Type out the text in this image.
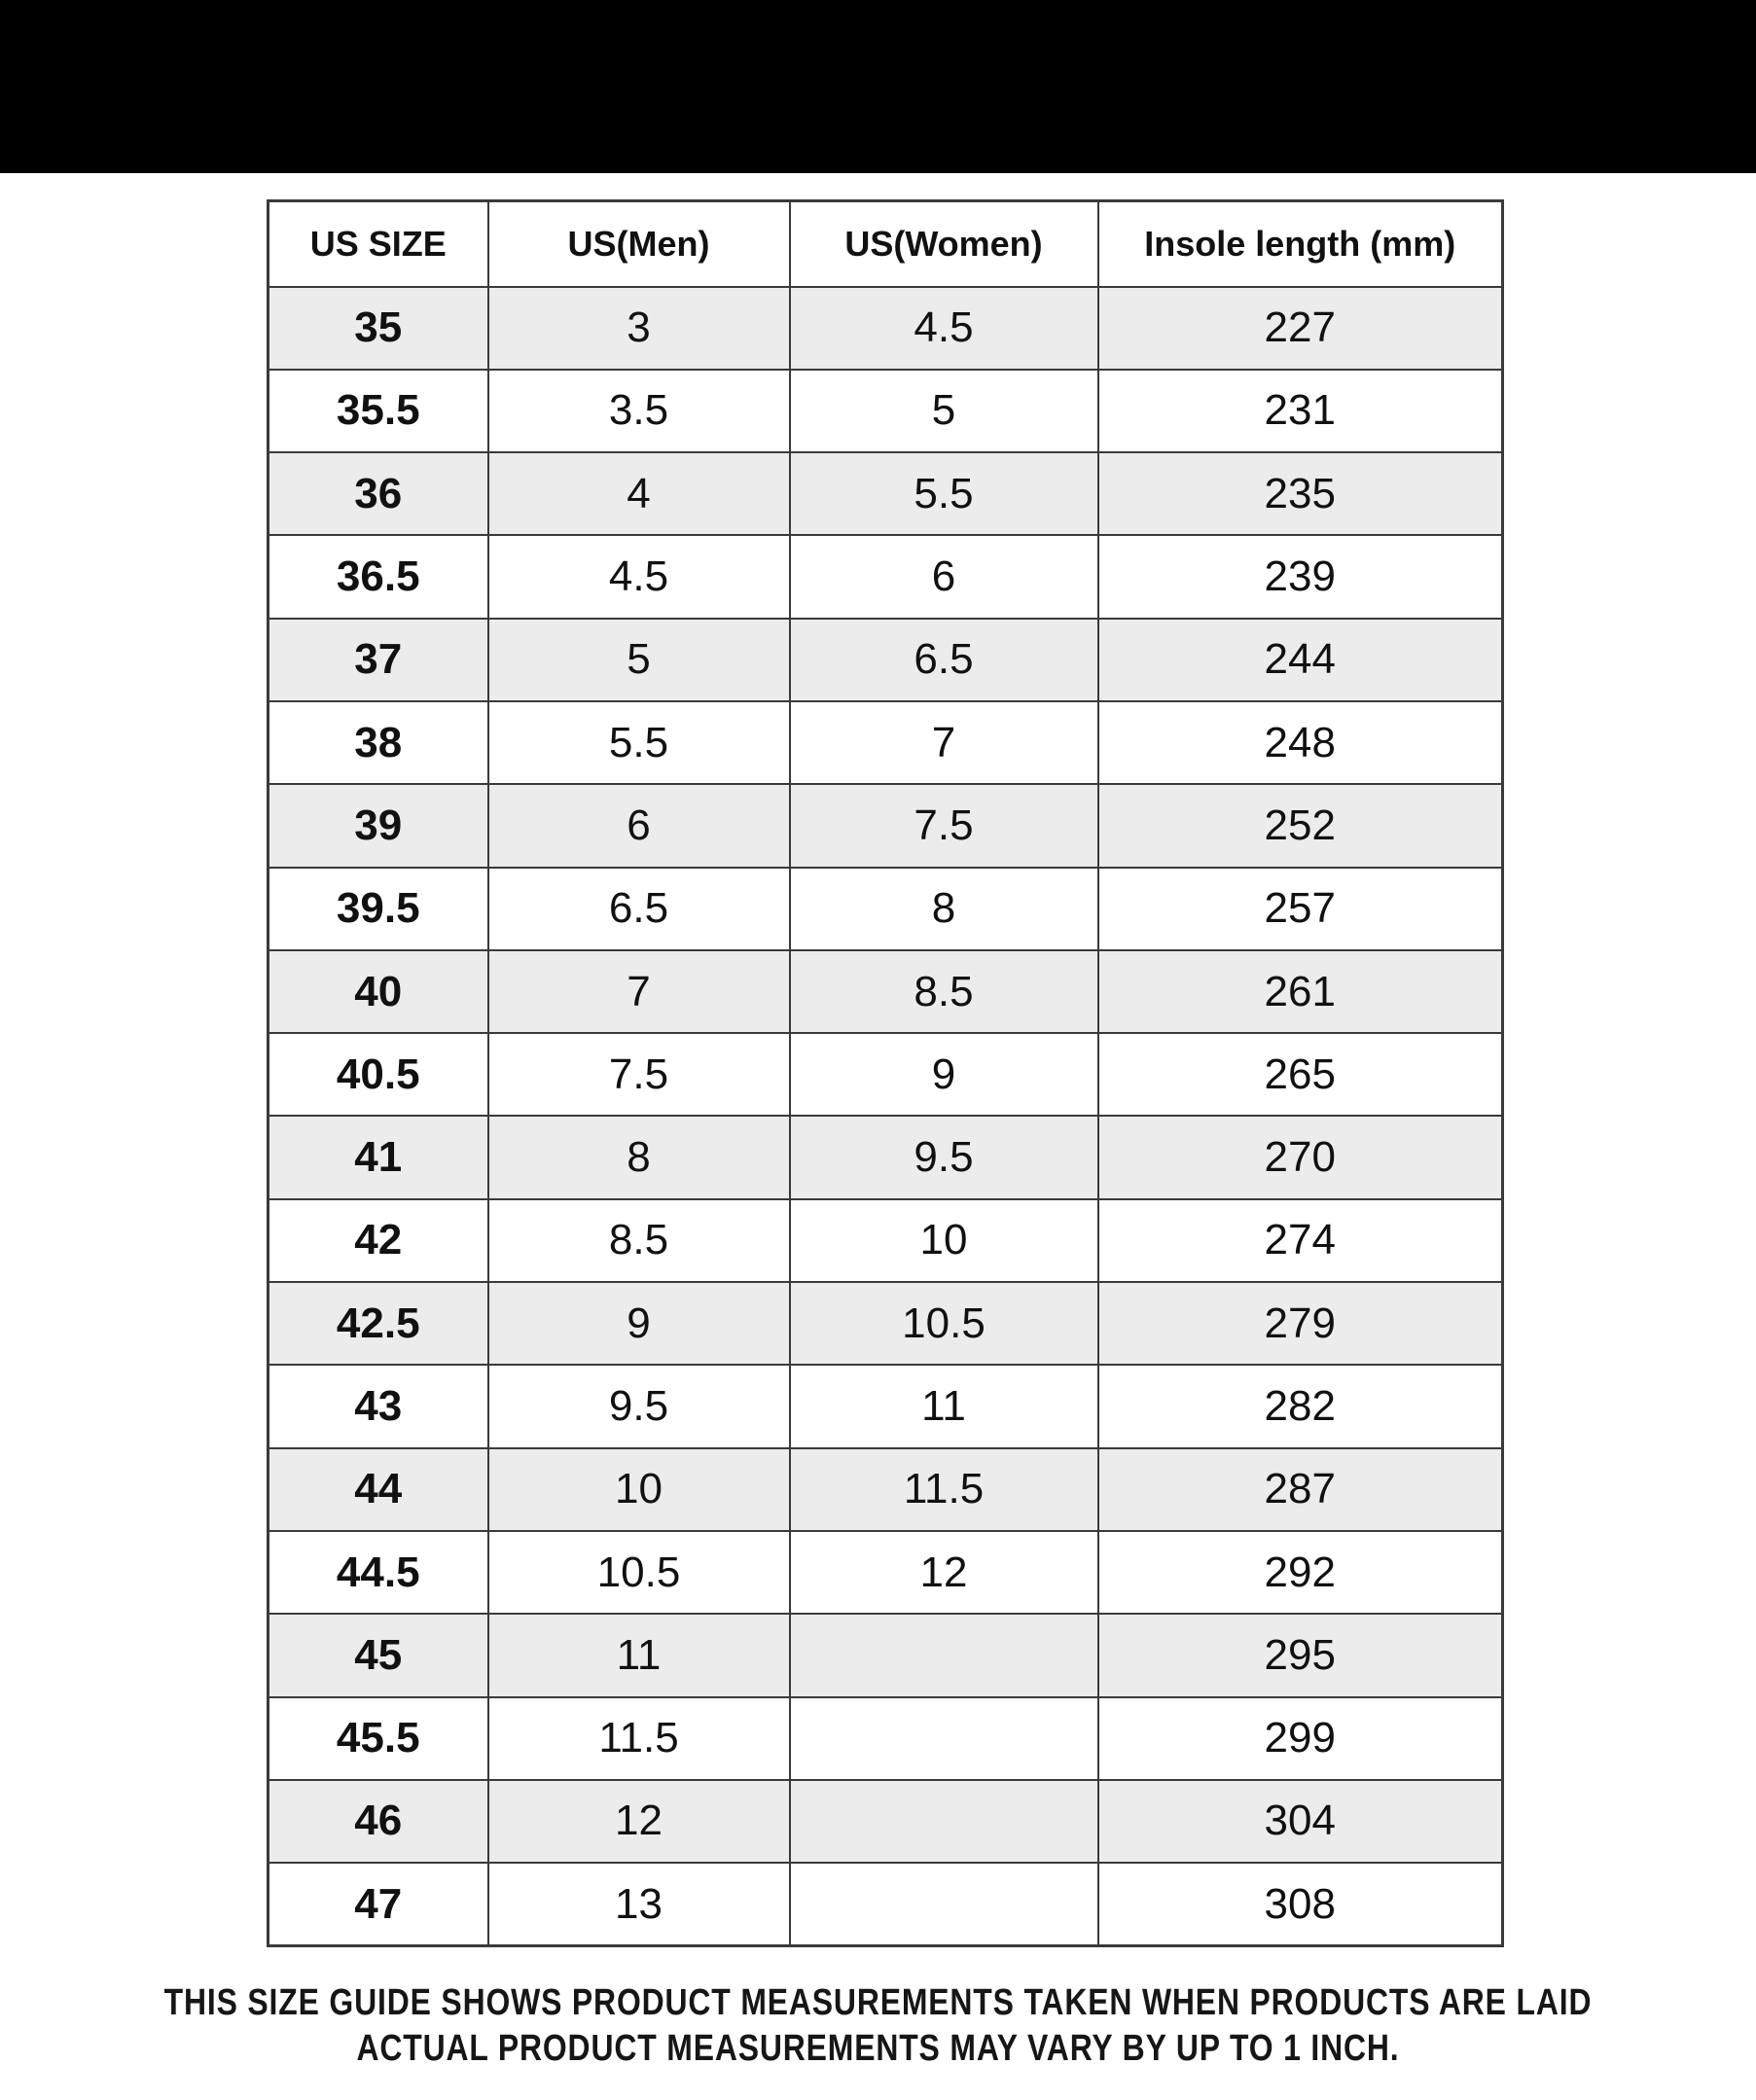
US SIZE	US(Men)	US(Women)	Insole length (mm)
35	3	4.5	227
35.5	3.5	5	231
36	4	5.5	235
36.5	4.5	6	239
37	5	6.5	244
38	5.5	7	248
39	6	7.5	252
39.5	6.5	8	257
40	7	8.5	261
40.5	7.5	9	265
41	8	9.5	270
42	8.5	10	274
42.5	9	10.5	279
43	9.5	11	282
44	10	11.5	287
44.5	10.5	12	292
45	11		295
45.5	11.5		299
46	12		304
47	13		308
THIS SIZE GUIDE SHOWS PRODUCT MEASUREMENTS TAKEN WHEN PRODUCTS ARE LAID
ACTUAL PRODUCT MEASUREMENTS MAY VARY BY UP TO 1 INCH.
